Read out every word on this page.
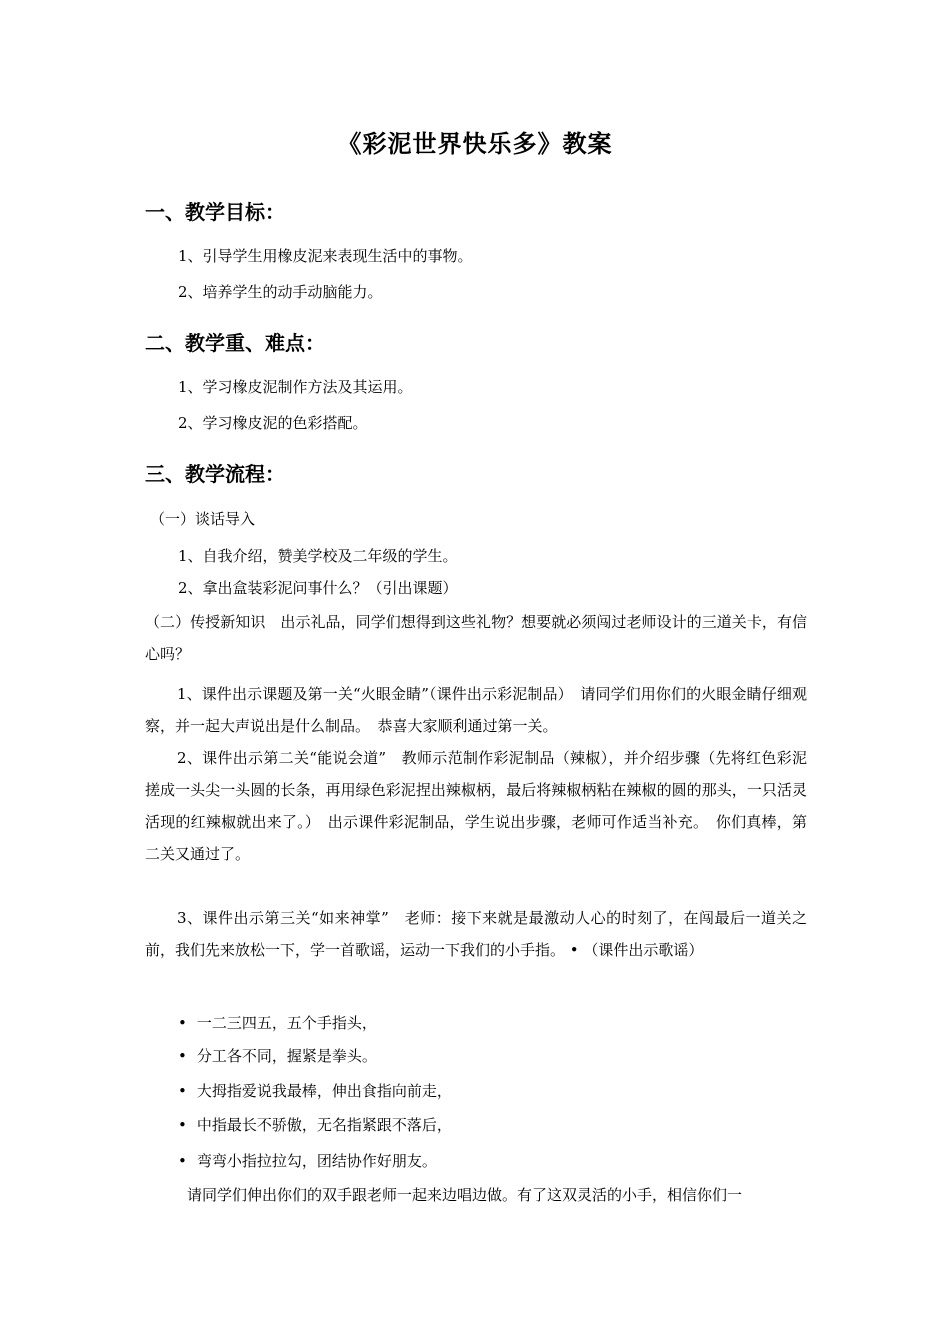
《彩泥世界快乐多》教案
一、教学目标：
1、引导学生用橡皮泥来表现生活中的事物。
2、培养学生的动手动脑能力。
二、教学重、难点：
1、学习橡皮泥制作方法及其运用。
2、学习橡皮泥的色彩搭配。
三、教学流程：
（一）谈话导入
1、自我介绍，赞美学校及二年级的学生。
2、拿出盒装彩泥问事什么？（引出课题）
（二）传授新知识　出示礼品，同学们想得到这些礼物？想要就必须闯过老师设计的三道关卡，有信心吗？
1、课件出示课题及第一关“火眼金睛”（课件出示彩泥制品）　请同学们用你们的火眼金睛仔细观察，并一起大声说出是什么制品。　恭喜大家顺利通过第一关。
2、课件出示第二关“能说会道”　教师示范制作彩泥制品（辣椒），并介绍步骤（先将红色彩泥搓成一头尖一头圆的长条，再用绿色彩泥捏出辣椒柄，最后将辣椒柄粘在辣椒的圆的那头，一只活灵活现的红辣椒就出来了。）　出示课件彩泥制品，学生说出步骤，老师可作适当补充。　你们真棒，第二关又通过了。
3、课件出示第三关“如来神掌”　老师：接下来就是最激动人心的时刻了，在闯最后一道关之前，我们先来放松一下，学一首歌谣，运动一下我们的小手指。 • （课件出示歌谣）
• 一二三四五，五个手指头，
• 分工各不同，握紧是拳头。
• 大拇指爱说我最棒，伸出食指向前走，
• 中指最长不骄傲，无名指紧跟不落后，
• 弯弯小指拉拉勾，团结协作好朋友。
请同学们伸出你们的双手跟老师一起来边唱边做。有了这双灵活的小手，相信你们一
